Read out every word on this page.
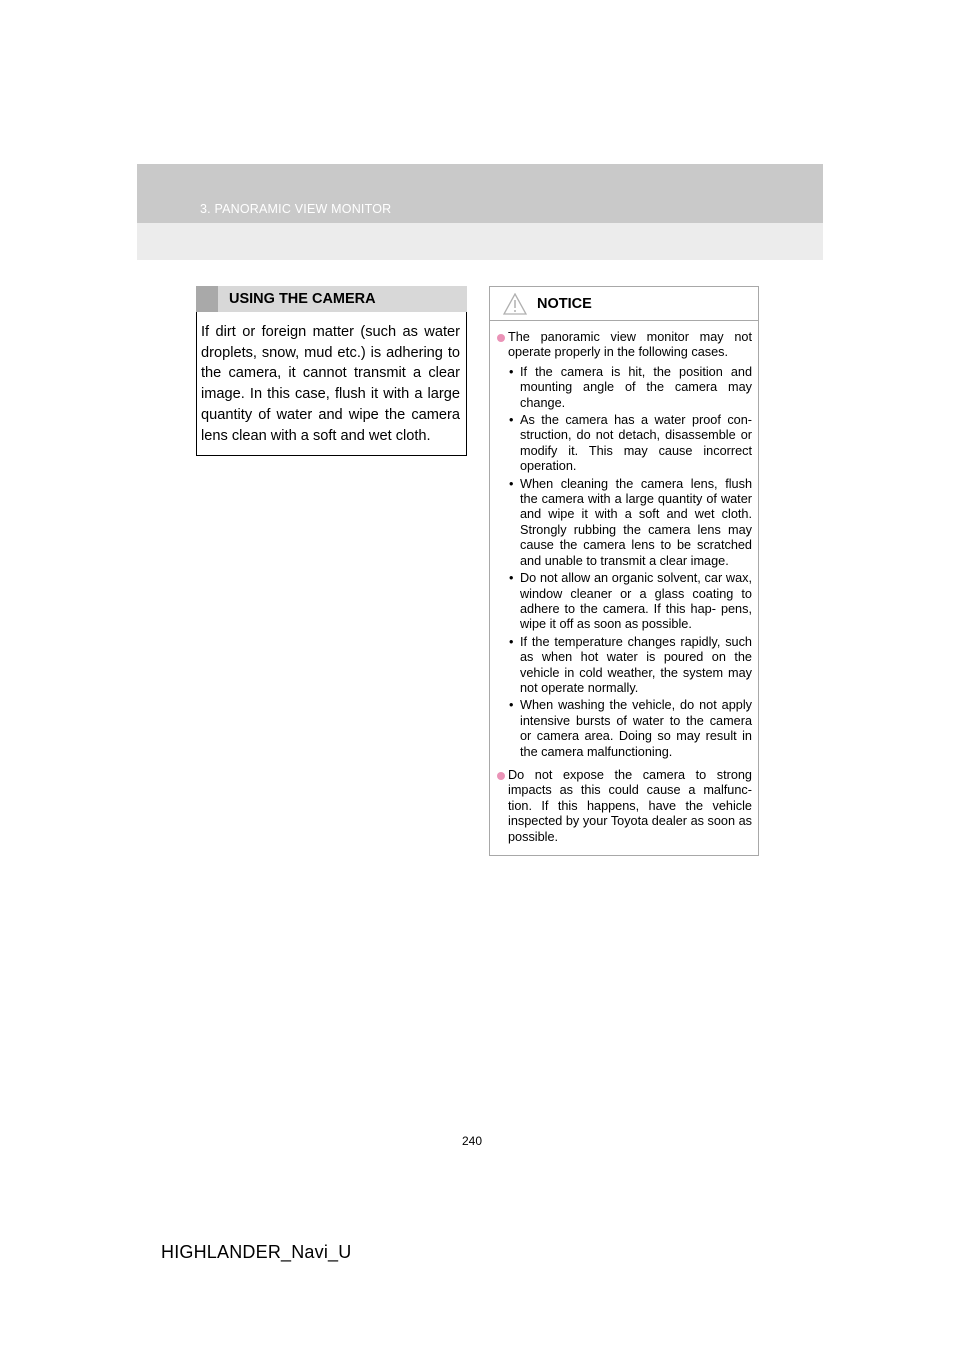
3. PANORAMIC VIEW MONITOR
USING THE CAMERA
If dirt or foreign matter (such as water droplets, snow, mud etc.) is adhering to the camera, it cannot transmit a clear image. In this case, flush it with a large quantity of water and wipe the camera lens clean with a soft and wet cloth.
NOTICE
The panoramic view monitor may not operate properly in the following cases.
• If the camera is hit, the position and mounting angle of the camera may change.
• As the camera has a water proof con- struction, do not detach, disassemble or modify it. This may cause incorrect operation.
• When cleaning the camera lens, flush the camera with a large quantity of water and wipe it with a soft and wet cloth. Strongly rubbing the camera lens may cause the camera lens to be scratched and unable to transmit a clear image.
• Do not allow an organic solvent, car wax, window cleaner or a glass coating to adhere to the camera. If this hap- pens, wipe it off as soon as possible.
• If the temperature changes rapidly, such as when hot water is poured on the vehicle in cold weather, the system may not operate normally.
• When washing the vehicle, do not apply intensive bursts of water to the camera or camera area. Doing so may result in the camera malfunctioning.
Do not expose the camera to strong impacts as this could cause a malfunc- tion. If this happens, have the vehicle inspected by your Toyota dealer as soon as possible.
240
HIGHLANDER_Navi_U
